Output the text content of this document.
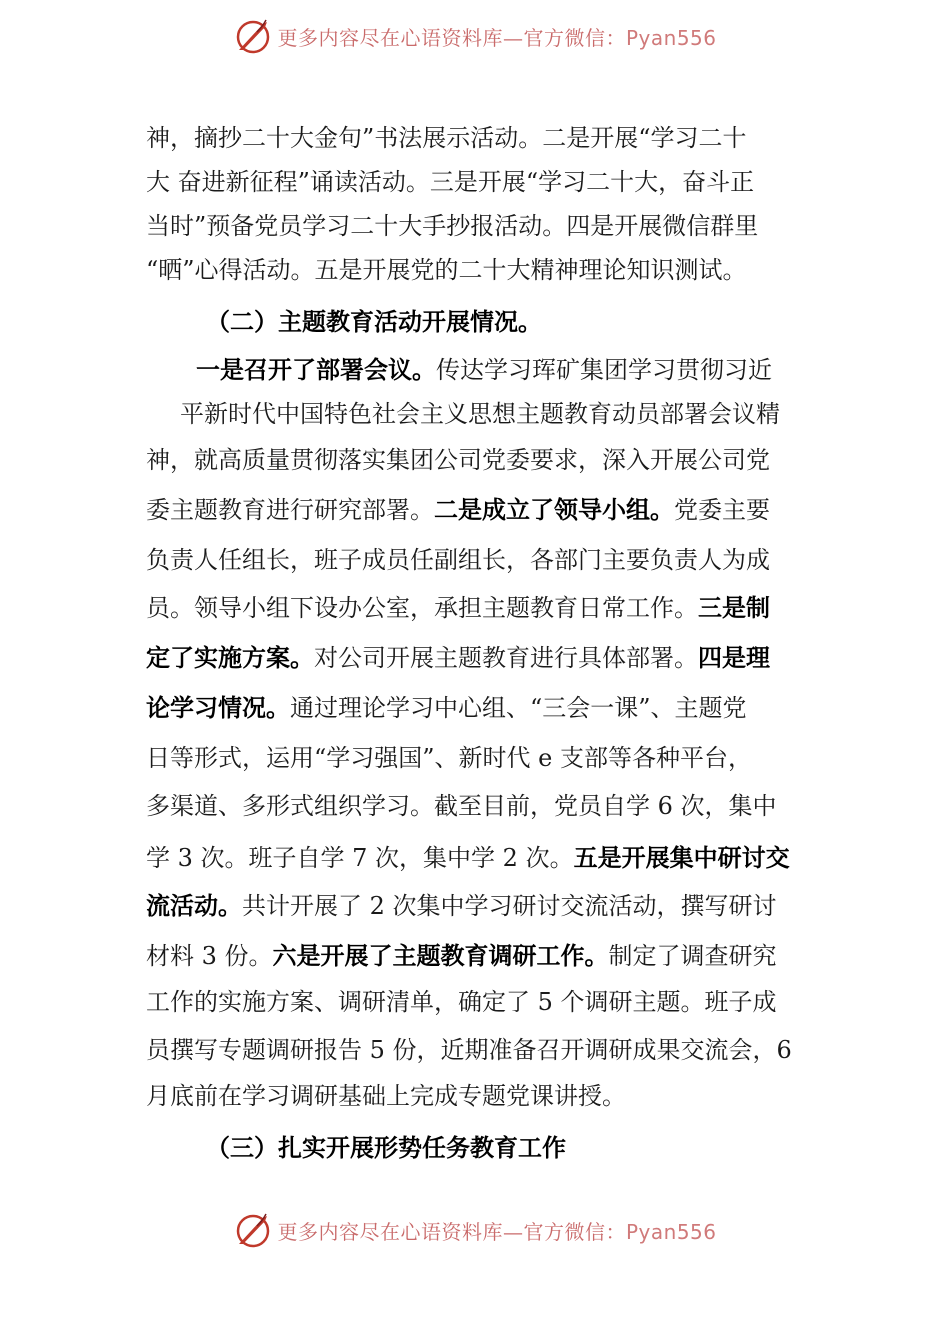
更多内容尽在心语资料库—官方微信：Pyan556
神，摘抄二十大金句”书法展示活动。二是开展“学习二十
大 奋进新征程”诵读活动。三是开展“学习二十大，奋斗正
当时”预备党员学习二十大手抄报活动。四是开展微信群里
“晒”心得活动。五是开展党的二十大精神理论知识测试。
（二）主题教育活动开展情况。
一是召开了部署会议。传达学习珲矿集团学习贯彻习近
平新时代中国特色社会主义思想主题教育动员部署会议精
神，就高质量贯彻落实集团公司党委要求，深入开展公司党
委主题教育进行研究部署。二是成立了领导小组。党委主要
负责人任组长，班子成员任副组长，各部门主要负责人为成
员。领导小组下设办公室，承担主题教育日常工作。三是制
定了实施方案。对公司开展主题教育进行具体部署。四是理
论学习情况。通过理论学习中心组、“三会一课”、主题党
日等形式，运用“学习强国”、新时代 e 支部等各种平台，
多渠道、多形式组织学习。截至目前，党员自学 6 次，集中
学 3 次。班子自学 7 次，集中学 2 次。五是开展集中研讨交
流活动。共计开展了 2 次集中学习研讨交流活动，撰写研讨
材料 3 份。六是开展了主题教育调研工作。制定了调查研究
工作的实施方案、调研清单，确定了 5 个调研主题。班子成
员撰写专题调研报告 5 份，近期准备召开调研成果交流会，6
月底前在学习调研基础上完成专题党课讲授。
（三）扎实开展形势任务教育工作
更多内容尽在心语资料库—官方微信：Pyan556
